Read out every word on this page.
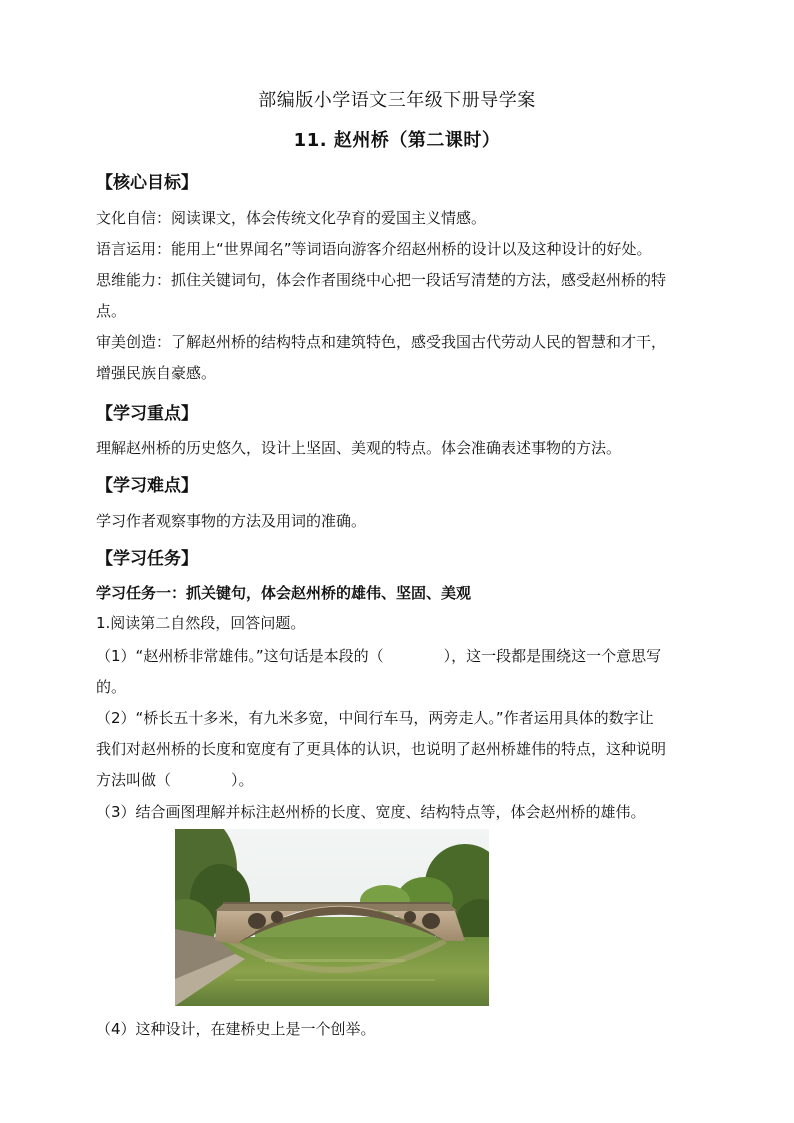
部编版小学语文三年级下册导学案
11. 赵州桥（第二课时）
【核心目标】
文化自信：阅读课文，体会传统文化孕育的爱国主义情感。
语言运用：能用上“世界闻名”等词语向游客介绍赵州桥的设计以及这种设计的好处。
思维能力：抓住关键词句，体会作者围绕中心把一段话写清楚的方法，感受赵州桥的特
点。
审美创造：了解赵州桥的结构特点和建筑特色，感受我国古代劳动人民的智慧和才干，
增强民族自豪感。
【学习重点】
理解赵州桥的历史悠久，设计上坚固、美观的特点。体会准确表述事物的方法。
【学习难点】
学习作者观察事物的方法及用词的准确。
【学习任务】
学习任务一：抓关键句，体会赵州桥的雄伟、坚固、美观
1.阅读第二自然段，回答问题。
（1）“赵州桥非常雄伟。”这句话是本段的（　　　　），这一段都是围绕这一个意思写
的。
（2）“桥长五十多米，有九米多宽，中间行车马，两旁走人。”作者运用具体的数字让
我们对赵州桥的长度和宽度有了更具体的认识，也说明了赵州桥雄伟的特点，这种说明
方法叫做（　　　　）。
（3）结合画图理解并标注赵州桥的长度、宽度、结构特点等，体会赵州桥的雄伟。
（4）这种设计，在建桥史上是一个创举。
